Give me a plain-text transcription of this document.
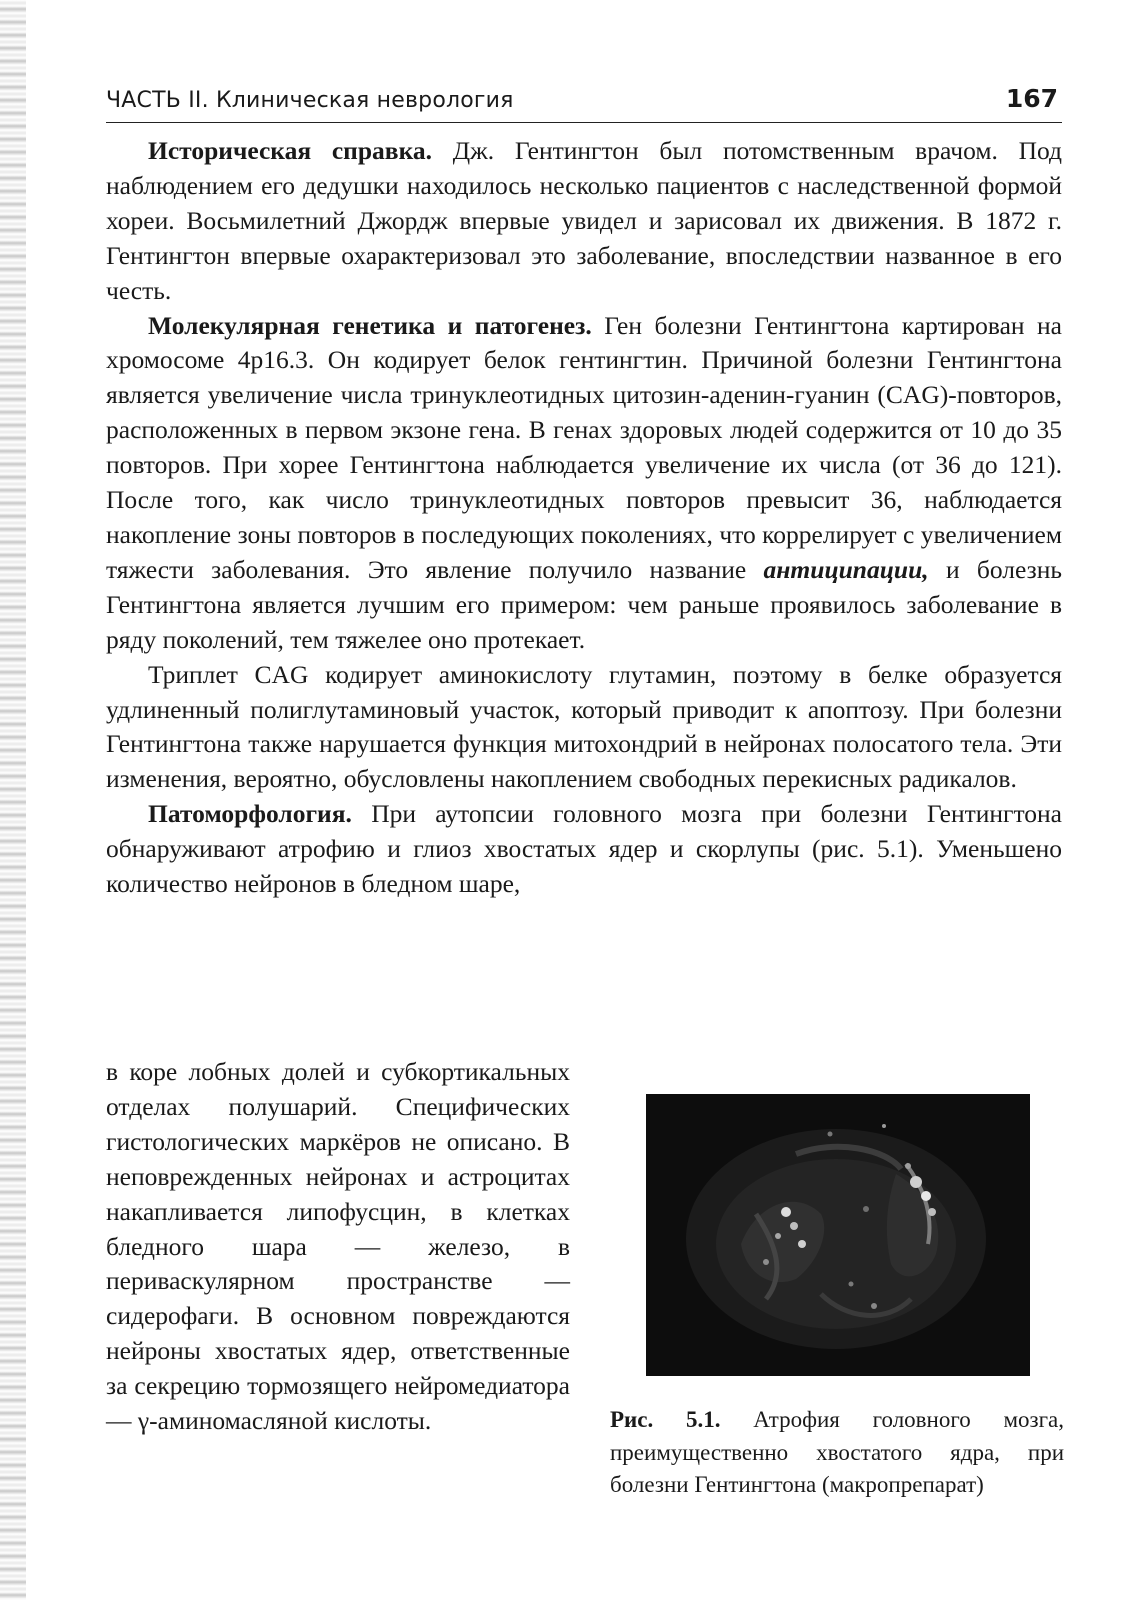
ЧАСТЬ II. Клиническая неврология	167

Историческая справка. Дж. Гентингтон был потомственным врачом. Под наблюдением его дедушки находилось несколько пациентов с наследственной формой хореи. Восьмилетний Джордж впервые увидел и зарисовал их движения. В 1872 г. Гентингтон впервые охарактеризовал это заболевание, впоследствии названное в его честь.

Молекулярная генетика и патогенез. Ген болезни Гентингтона картирован на хромосоме 4p16.3. Он кодирует белок гентингтин. Причиной болезни Гентингтона является увеличение числа тринуклеотидных цитозин-аденин-гуанин (CAG)-повторов, расположенных в первом экзоне гена. В генах здоровых людей содержится от 10 до 35 повторов. При хорее Гентингтона наблюдается увеличение их числа (от 36 до 121). После того, как число тринуклеотидных повторов превысит 36, наблюдается накопление зоны повторов в последующих поколениях, что коррелирует с увеличением тяжести заболевания. Это явление получило название антиципации, и болезнь Гентингтона является лучшим его примером: чем раньше проявилось заболевание в ряду поколений, тем тяжелее оно протекает.

Триплет CAG кодирует аминокислоту глутамин, поэтому в белке образуется удлиненный полиглутаминовый участок, который приводит к апоптозу. При болезни Гентингтона также нарушается функция митохондрий в нейронах полосатого тела. Эти изменения, вероятно, обусловлены накоплением свободных перекисных радикалов.

Патоморфология. При аутопсии головного мозга при болезни Гентингтона обнаруживают атрофию и глиоз хвостатых ядер и скорлупы (рис. 5.1). Уменьшено количество нейронов в бледном шаре,

в коре лобных долей и субкортикальных отделах полушарий. Специфических гистологических маркёров не описано. В неповрежденных нейронах и астроцитах накапливается липофусцин, в клетках бледного шара — железо, в периваскулярном пространстве — сидерофаги. В основном повреждаются нейроны хвостатых ядер, ответственные за секрецию тормозящего нейромедиатора — γ-аминомасляной кислоты.	Рис. 5.1. Атрофия головного мозга, преимущественно хвостатого ядра, при болезни Гентингтона (макропрепарат)
